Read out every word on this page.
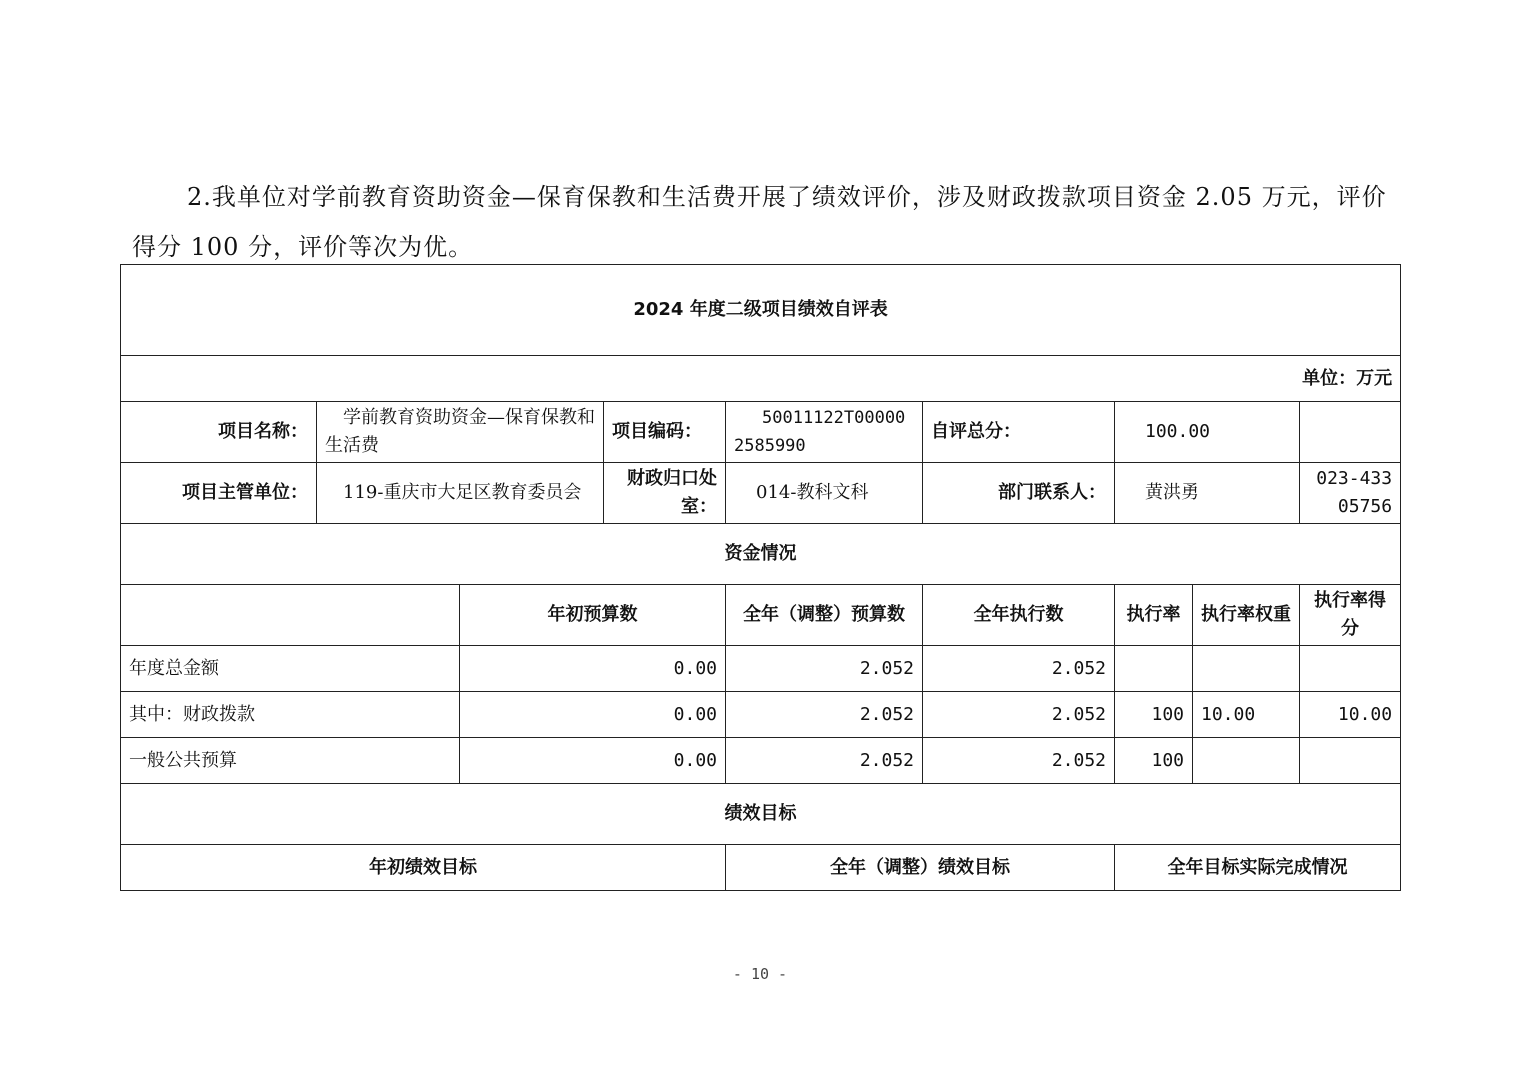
2.我单位对学前教育资助资金—保育保教和生活费开展了绩效评价，涉及财政拨款项目资金 2.05 万元，评价得分 100 分，评价等次为优。
2024 年度二级项目绩效自评表								
单位：万元								
项目名称：	学前教育资助资金—保育保教和生活费		项目编码：	50011122T000002585990	自评总分：	100.00		
项目主管单位：	119-重庆市大足区教育委员会		财政归口处室：	014-教科文科	部门联系人：	黄洪勇		023-43305756
资金情况								
		年初预算数		全年（调整）预算数	全年执行数	执行率	执行率权重	执行率得分
年度总金额		0.00		2.052	2.052			
其中：财政拨款		0.00		2.052	2.052	100	10.00	10.00
一般公共预算		0.00		2.052	2.052	100		
绩效目标								
年初绩效目标				全年（调整）绩效目标		全年目标实际完成情况		
- 10 -
